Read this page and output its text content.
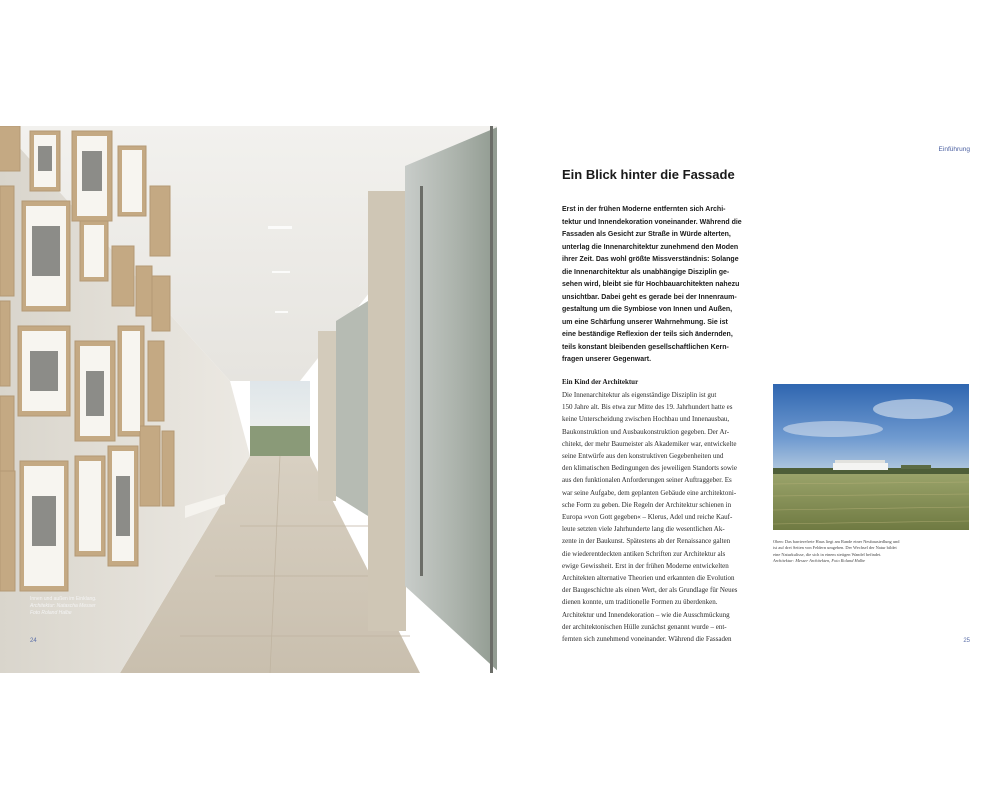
Innen und außen im Einklang.
Architektur: Natascha Messer
Foto Roland Halbe
24
Einführung
Ein Blick hinter die Fassade
Erst in der frühen Moderne entfernten sich Archi-
tektur und Innendekoration voneinander. Während die
Fassaden als Gesicht zur Straße in Würde alterten,
unterlag die Innenarchitektur zunehmend den Moden
ihrer Zeit. Das wohl größte Missverständnis: Solange
die Innenarchitektur als unabhängige Disziplin ge-
sehen wird, bleibt sie für Hochbauarchitekten nahezu
unsichtbar. Dabei geht es gerade bei der Innenraum-
gestaltung um die Symbiose von Innen und Außen,
um eine Schärfung unserer Wahrnehmung. Sie ist
eine beständige Reflexion der teils sich ändernden,
teils konstant bleibenden gesellschaftlichen Kern-
fragen unserer Gegenwart.
Ein Kind der Architektur
Die Innenarchitektur als eigenständige Disziplin ist gut
150 Jahre alt. Bis etwa zur Mitte des 19. Jahrhundert hatte es
keine Unterscheidung zwischen Hochbau und Innenausbau,
Baukonstruktion und Ausbaukonstruktion gegeben. Der Ar-
chitekt, der mehr Baumeister als Akademiker war, entwickelte
seine Entwürfe aus den konstruktiven Gegebenheiten und
den klimatischen Bedingungen des jeweiligen Standorts sowie
aus den funktionalen Anforderungen seiner Auftraggeber. Es
war seine Aufgabe, dem geplanten Gebäude eine architektoni-
sche Form zu geben. Die Regeln der Architektur schienen in
Europa »von Gott gegeben« – Klerus, Adel und reiche Kauf-
leute setzten viele Jahrhunderte lang die wesentlichen Ak-
zente in der Baukunst. Spätestens ab der Renaissance galten
die wiederentdeckten antiken Schriften zur Architektur als
ewige Gewissheit. Erst in der frühen Moderne entwickelten
Architekten alternative Theorien und erkannten die Evolution
der Baugeschichte als einen Wert, der als Grundlage für Neues
dienen konnte, um traditionelle Formen zu überdenken.
Architektur und Innendekoration – wie die Ausschmückung
der architektonischen Hülle zunächst genannt wurde – ent-
fernten sich zunehmend voneinander. Während die Fassaden
Oben: Das barrierefreie Haus liegt am Rande einer Neubausiedlung und
ist auf drei Seiten von Feldern umgeben. Der Wechsel der Natur bildet
eine Naturkulisse, die sich in einem stetigen Wandel befindet.
Architektur: Messer Architekten, Foto Roland Halbe
25
